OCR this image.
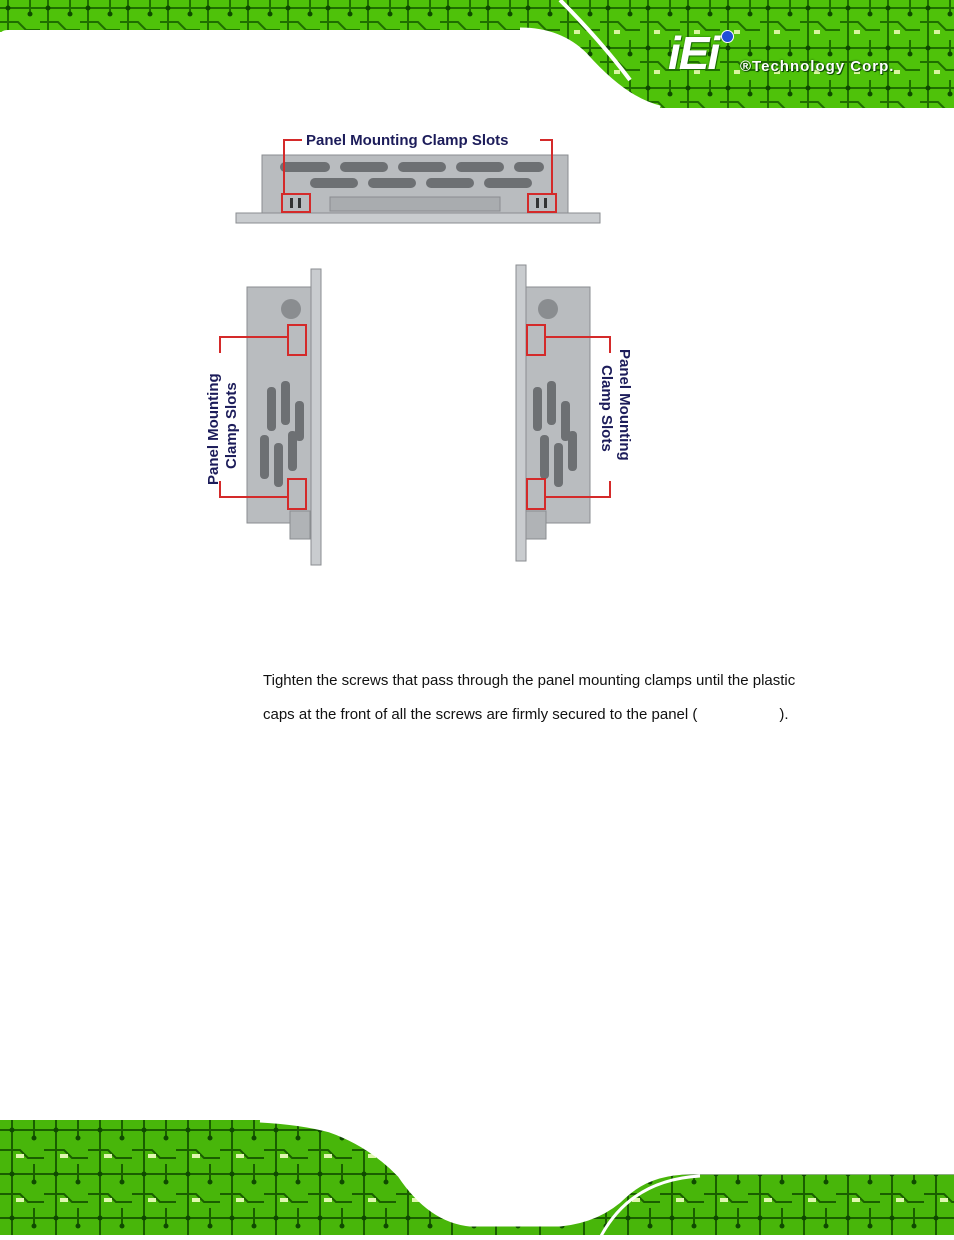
iEi ®Technology Corp.
Panel Mounting Clamp Slots
Panel Mounting Clamp Slots	Panel Mounting
Clamp Slots
Tighten the screws that pass through the panel mounting clamps until the plastic
caps at the front of all the screws are firmly secured to the panel (	).
